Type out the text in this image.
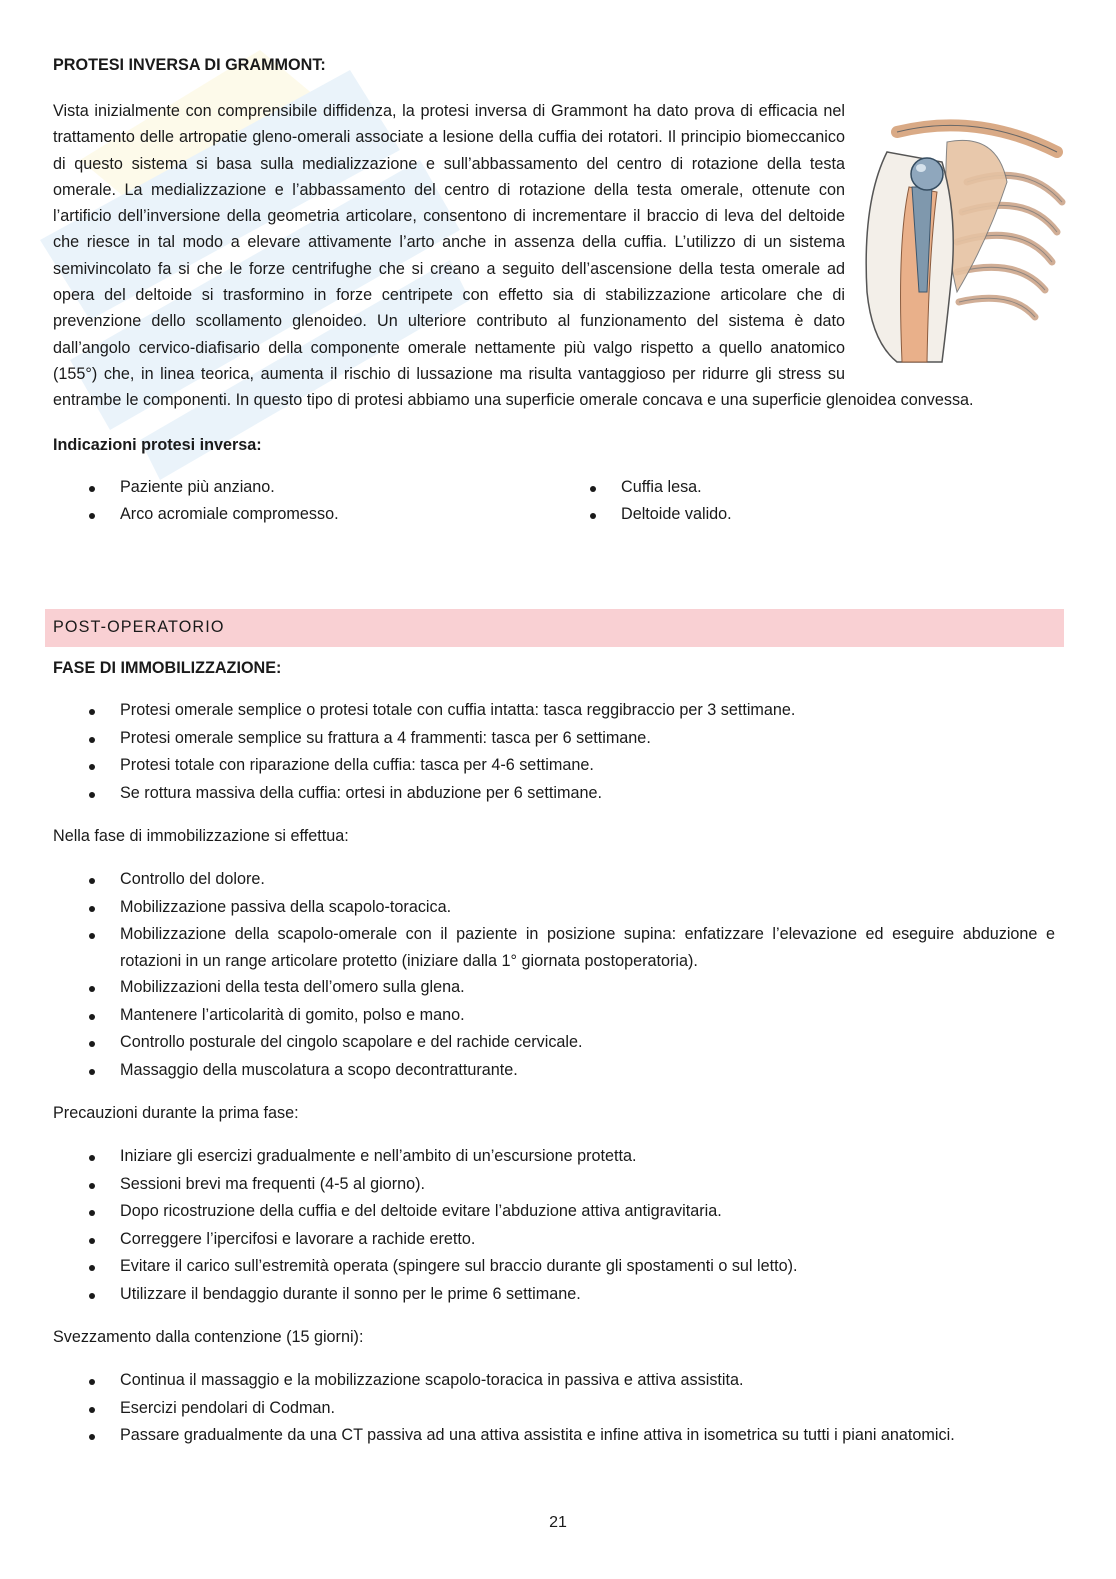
PROTESI INVERSA DI GRAMMONT:

Vista inizialmente con comprensibile diffidenza, la protesi inversa di Grammont ha dato prova di efficacia nel trattamento delle artropatie gleno-omerali associate a lesione della cuffia dei rotatori. Il principio biomeccanico di questo sistema si basa sulla medializzazione e sull’abbassamento del centro di rotazione della testa omerale. La medializzazione e l’abbassamento del centro di rotazione della testa omerale, ottenute con l’artificio dell’inversione della geometria articolare, consentono di incrementare il braccio di leva del deltoide che riesce in tal modo a elevare attivamente l’arto anche in assenza della cuffia. L’utilizzo di un sistema semivincolato fa si che le forze centrifughe che si creano a seguito dell’ascensione della testa omerale ad opera del deltoide si trasformino in forze centripete con effetto sia di stabilizzazione articolare che di prevenzione dello scollamento glenoideo. Un ulteriore contributo al funzionamento del sistema è dato dall’angolo cervico-diafisario della componente omerale nettamente più valgo rispetto a quello anatomico (155°) che, in linea teorica, aumenta il rischio di lussazione ma risulta vantaggioso per ridurre gli stress su entrambe le componenti. In questo tipo di protesi abbiamo una superficie omerale concava e una superficie glenoidea convessa.

Indicazioni protesi inversa:

Paziente più anziano.
Arco acromiale compromesso.
Cuffia lesa.
Deltoide valido.
POST-OPERATORIO

FASE DI IMMOBILIZZAZIONE:

Protesi omerale semplice o protesi totale con cuffia intatta: tasca reggibraccio per 3 settimane.
Protesi omerale semplice su frattura a 4 frammenti: tasca per 6 settimane.
Protesi totale con riparazione della cuffia: tasca per 4-6 settimane.
Se rottura massiva della cuffia: ortesi in abduzione per 6 settimane.

Nella fase di immobilizzazione si effettua:

Controllo del dolore.
Mobilizzazione passiva della scapolo-toracica.
Mobilizzazione della scapolo-omerale con il paziente in posizione supina: enfatizzare l’elevazione ed eseguire abduzione e rotazioni in un range articolare protetto (iniziare dalla 1° giornata postoperatoria).
Mobilizzazioni della testa dell’omero sulla glena.
Mantenere l’articolarità di gomito, polso e mano.
Controllo posturale del cingolo scapolare e del rachide cervicale.
Massaggio della muscolatura a scopo decontratturante.

Precauzioni durante la prima fase:

Iniziare gli esercizi gradualmente e nell’ambito di un’escursione protetta.
Sessioni brevi ma frequenti (4-5 al giorno).
Dopo ricostruzione della cuffia e del deltoide evitare l’abduzione attiva antigravitaria.
Correggere l’ipercifosi e lavorare a rachide eretto.
Evitare il carico sull’estremità operata (spingere sul braccio durante gli spostamenti o sul letto).
Utilizzare il bendaggio durante il sonno per le prime 6 settimane.

Svezzamento dalla contenzione (15 giorni):

Continua il massaggio e la mobilizzazione scapolo-toracica in passiva e attiva assistita.
Esercizi pendolari di Codman.
Passare gradualmente da una CT passiva ad una attiva assistita e infine attiva in isometrica su tutti i piani anatomici.
21
